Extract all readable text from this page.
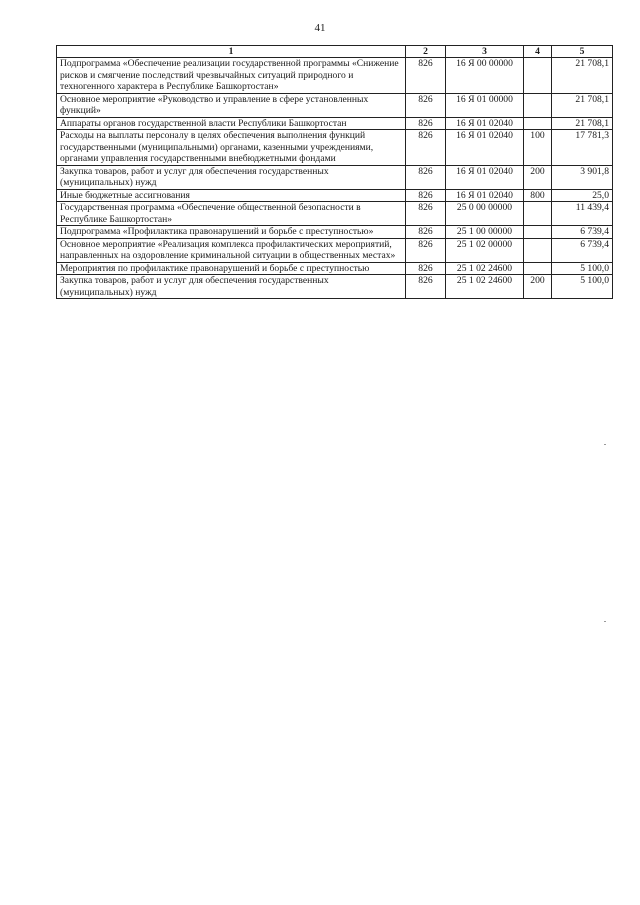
41
1	2	3	4	5
Подпрограмма «Обеспечение реализации государственной программы «Снижение рисков и смягчение последствий чрезвычайных ситуаций природного и техногенного характера в Республике Башкортостан»	826	16 Я 00 00000		21 708,1
Основное мероприятие «Руководство и управление в сфере установленных функций»	826	16 Я 01 00000		21 708,1
Аппараты органов государственной власти Республики Башкортостан	826	16 Я 01 02040		21 708,1
Расходы на выплаты персоналу в целях обеспечения выполнения функций государственными (муниципальными) органами, казенными учреждениями, органами управления государственными внебюджетными фондами	826	16 Я 01 02040	100	17 781,3
Закупка товаров, работ и услуг для обеспечения государственных (муниципальных) нужд	826	16 Я 01 02040	200	3 901,8
Иные бюджетные ассигнования	826	16 Я 01 02040	800	25,0
Государственная программа «Обеспечение общественной безопасности в Республике Башкортостан»	826	25 0 00 00000		11 439,4
Подпрограмма «Профилактика правонарушений и борьбе с преступностью»	826	25 1 00 00000		6 739,4
Основное мероприятие «Реализация комплекса профилактических мероприятий, направленных на оздоровление криминальной ситуации в общественных местах»	826	25 1 02 00000		6 739,4
Мероприятия по профилактике правонарушений и борьбе с преступностью	826	25 1 02 24600		5 100,0
Закупка товаров, работ и услуг для обеспечения государственных (муниципальных) нужд	826	25 1 02 24600	200	5 100,0
